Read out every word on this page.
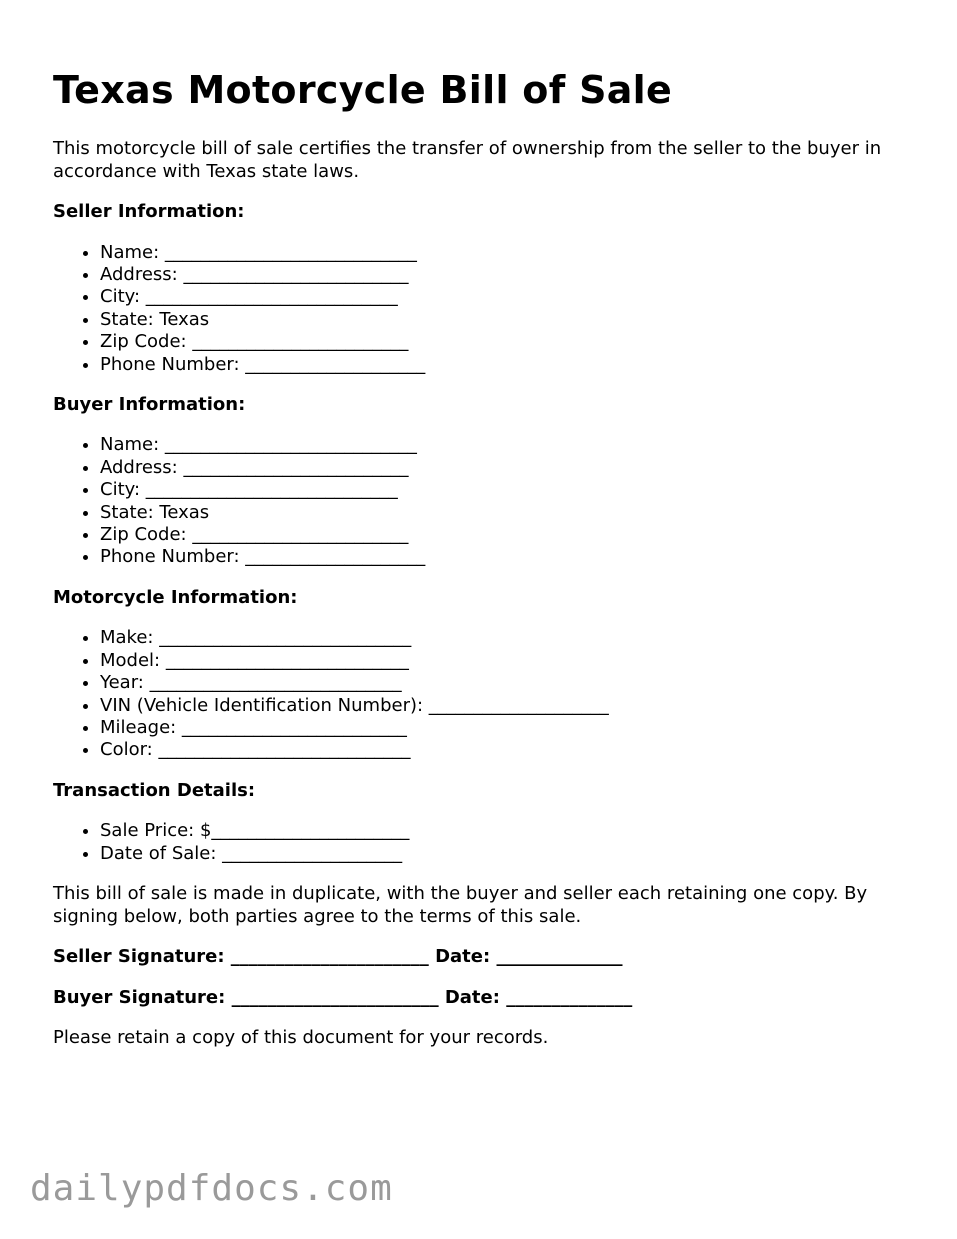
Texas Motorcycle Bill of Sale

This motorcycle bill of sale certifies the transfer of ownership from the seller to the buyer in accordance with Texas state laws.

Seller Information:
• Name: ____________________________
• Address: _________________________
• City: ____________________________
• State: Texas
• Zip Code: ________________________
• Phone Number: ____________________
Buyer Information:
• Name: ____________________________
• Address: _________________________
• City: ____________________________
• State: Texas
• Zip Code: ________________________
• Phone Number: ____________________
Motorcycle Information:
• Make: ____________________________
• Model: ___________________________
• Year: ____________________________
• VIN (Vehicle Identification Number): ____________________
• Mileage: _________________________
• Color: ____________________________
Transaction Details:
• Sale Price: $______________________
• Date of Sale: ____________________

This bill of sale is made in duplicate, with the buyer and seller each retaining one copy. By signing below, both parties agree to the terms of this sale.

Seller Signature: ______________________ Date: ______________
Buyer Signature: _______________________ Date: ______________

Please retain a copy of this document for your records.

dailypdfdocs.com
